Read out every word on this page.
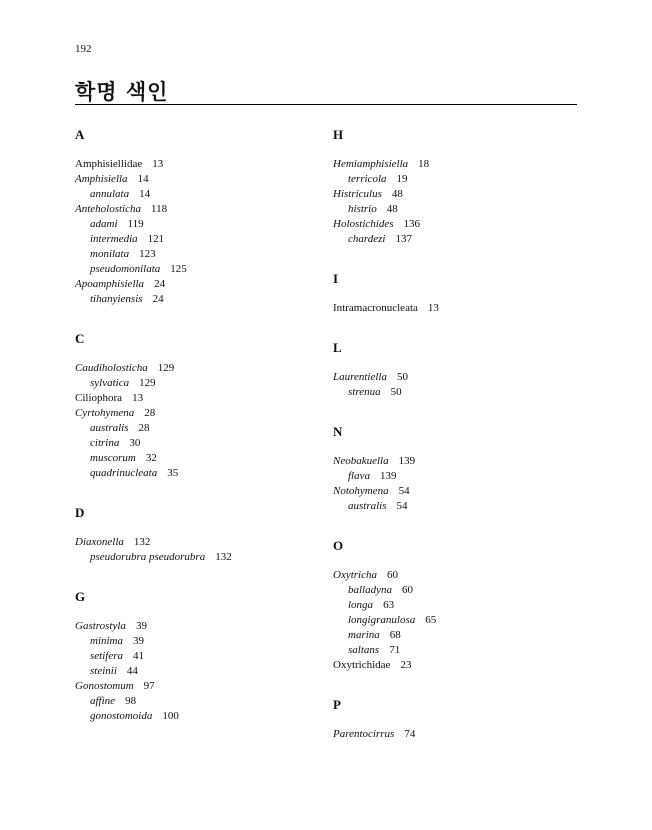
192
학명 색인
A
Amphisiellidae 13
Amphisiella 14
annulata 14
Anteholosticha 118
adami 119
intermedia 121
monilata 123
pseudomonilata 125
Apoamphisiella 24
tihanyiensis 24
C
Caudiholosticha 129
sylvatica 129
Ciliophora 13
Cyrtohymena 28
australis 28
citrina 30
muscorum 32
quadrinucleata 35
D
Diaxonella 132
pseudorubra pseudorubra 132
G
Gastrostyla 39
minima 39
setifera 41
steinii 44
Gonostomum 97
affine 98
gonostomoida 100
H
Hemiamphisiella 18
terricola 19
Histriculus 48
histrio 48
Holostichides 136
chardezi 137
I
Intramacronucleata 13
L
Laurentiella 50
strenua 50
N
Neobakuella 139
flava 139
Notohymena 54
australis 54
O
Oxytricha 60
balladyna 60
longa 63
longigranulosa 65
marina 68
saltans 71
Oxytrichidae 23
P
Parentocirrus 74
